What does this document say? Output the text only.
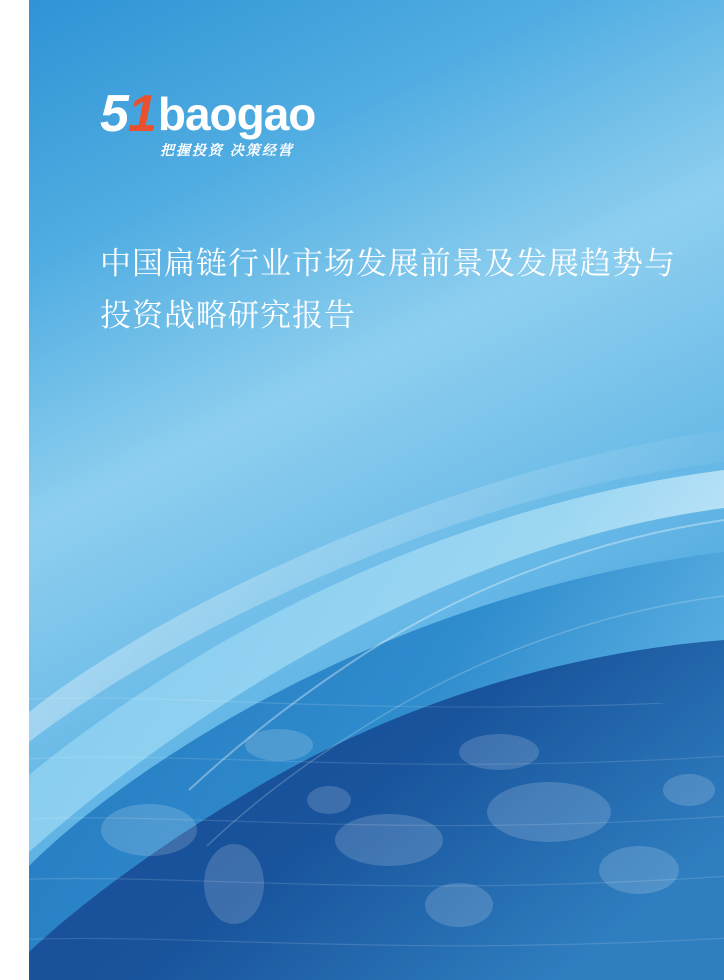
51 baogao
把握投资 决策经营
中国扁链行业市场发展前景及发展趋势与投资战略研究报告
